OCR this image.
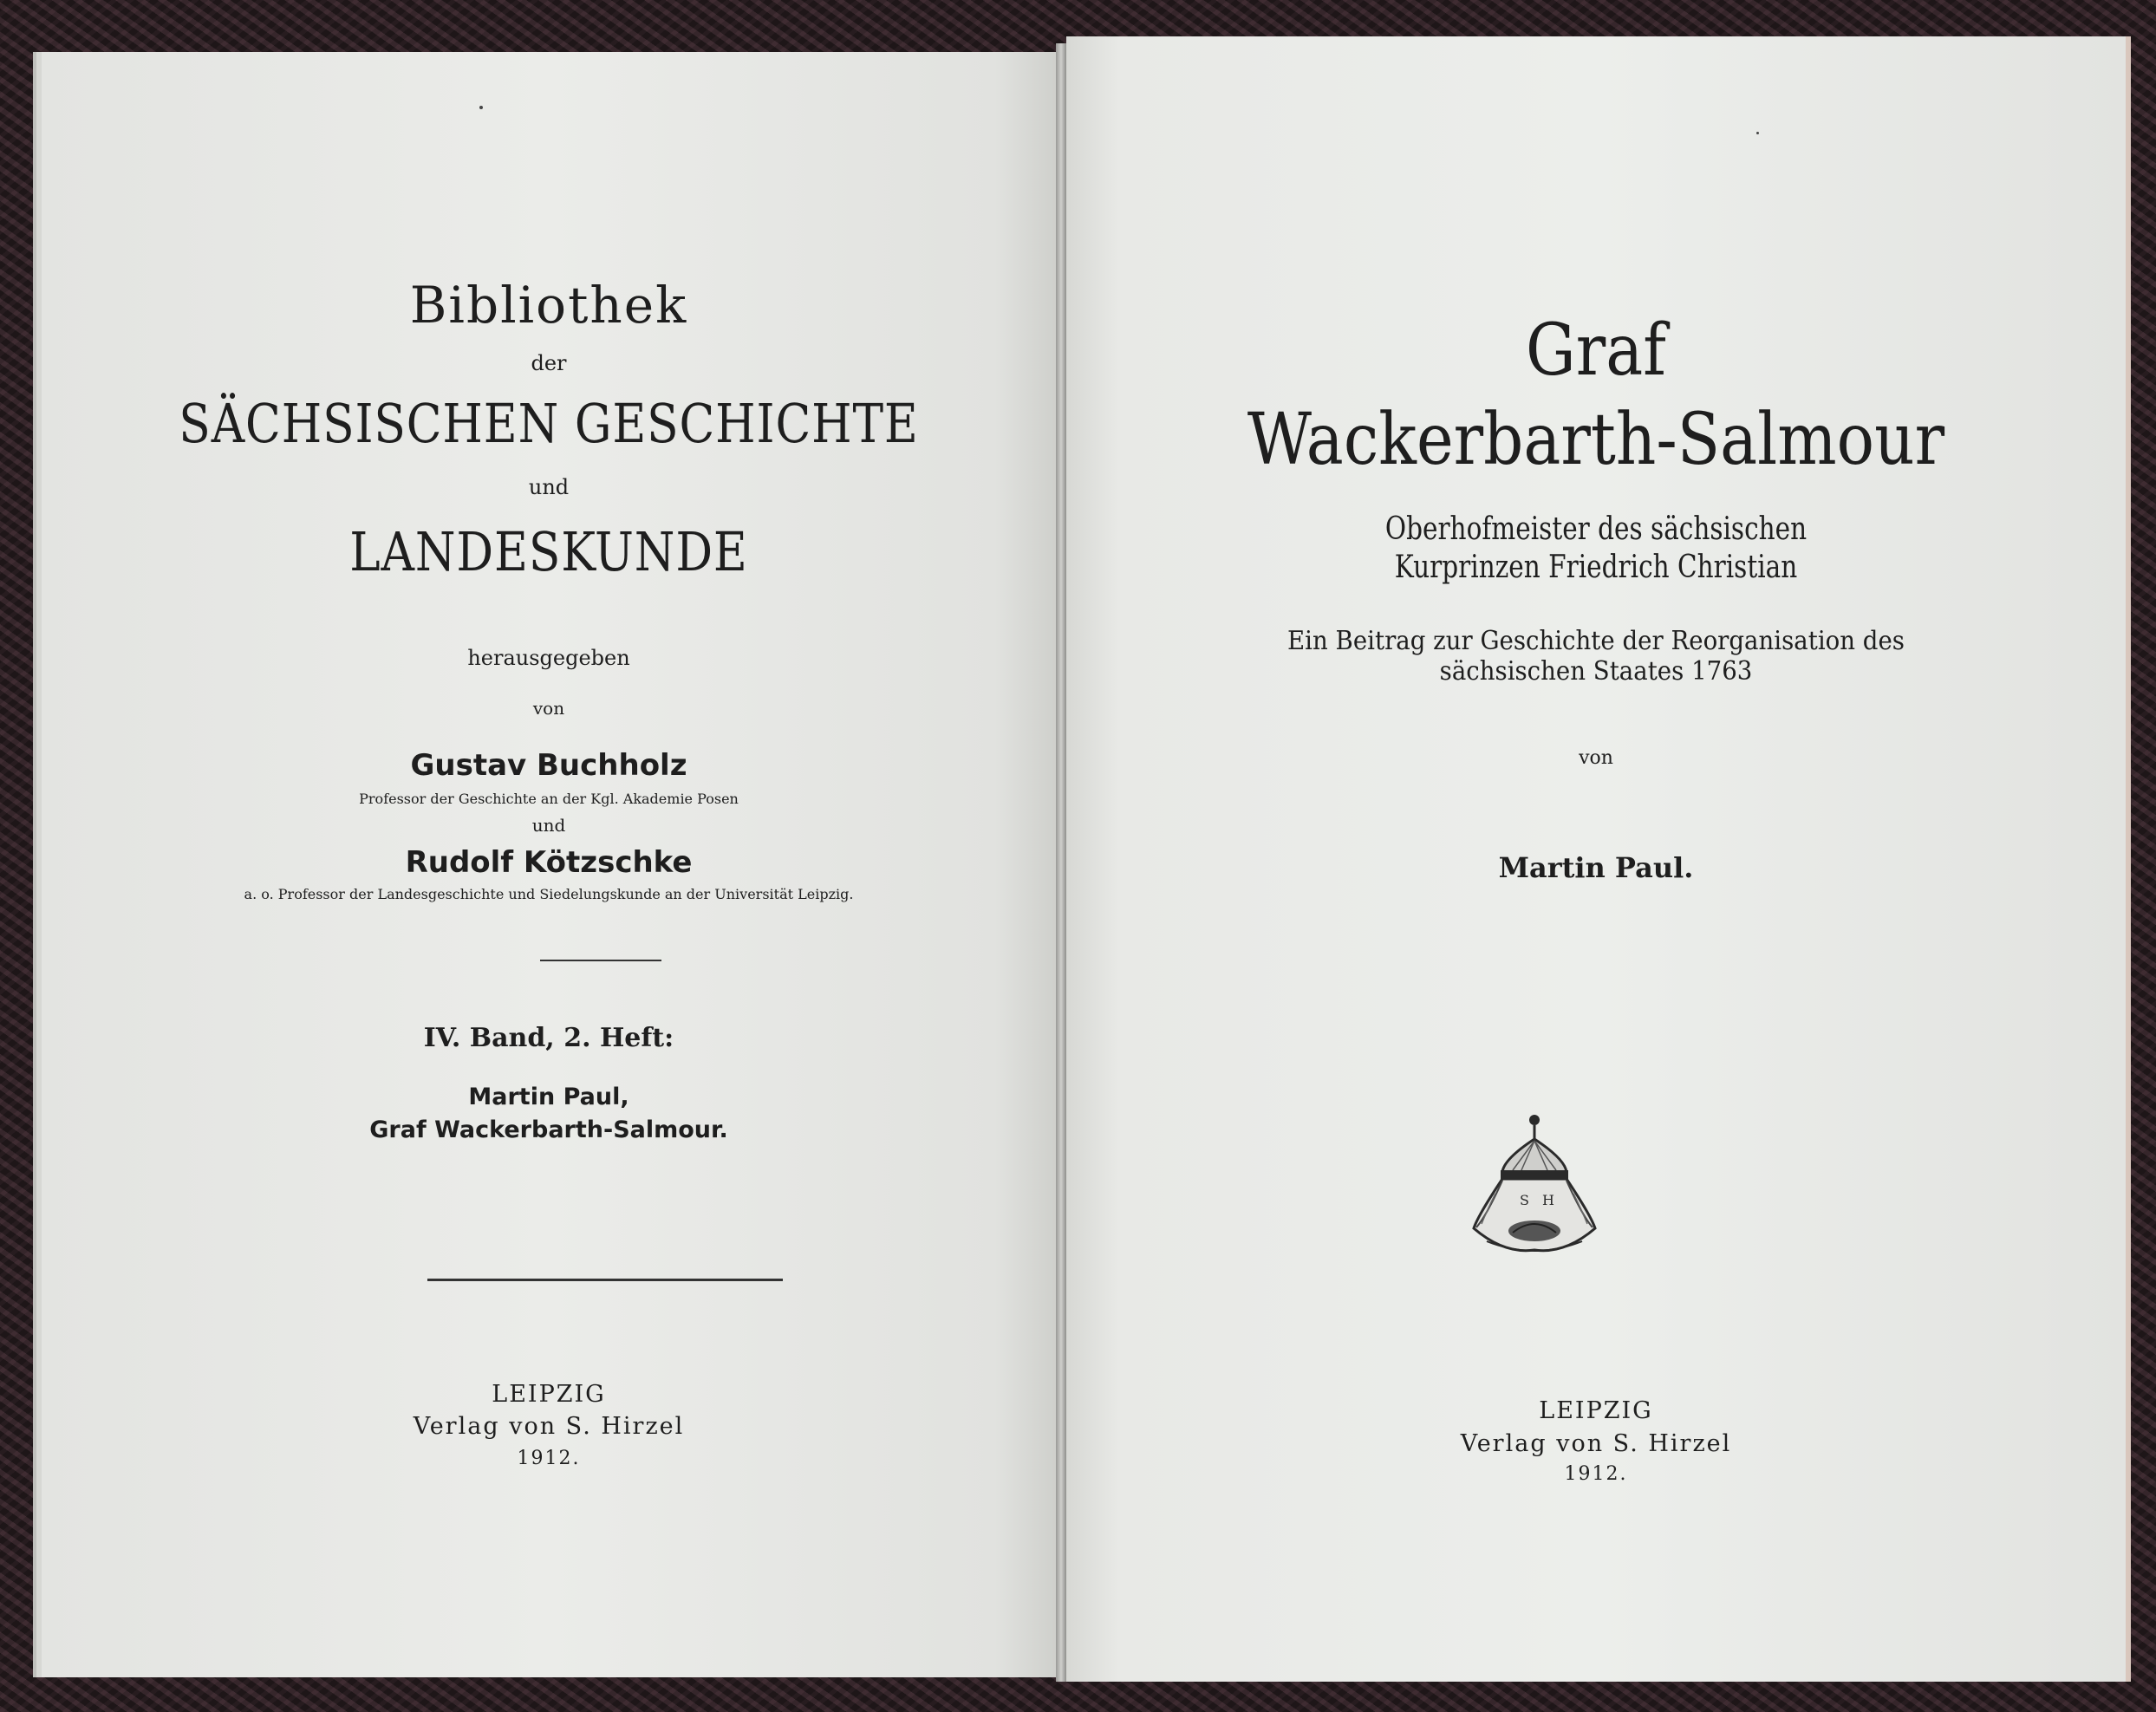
Bibliothek
der
SÄCHSISCHEN GESCHICHTE
und
LANDESKUNDE
herausgegeben
von
Gustav Buchholz
Professor der Geschichte an der Kgl. Akademie Posen
und
Rudolf Kötzschke
a. o. Professor der Landesgeschichte und Siedelungskunde an der Universität Leipzig.
IV. Band, 2. Heft:
Martin Paul,
Graf Wackerbarth-Salmour.
LEIPZIG
Verlag von S. Hirzel
1912.
Graf
Wackerbarth-Salmour
Oberhofmeister des sächsischen
Kurprinzen Friedrich Christian
Ein Beitrag zur Geschichte der Reorganisation des
sächsischen Staates 1763
von
Martin Paul.
S H
LEIPZIG
Verlag von S. Hirzel
1912.
